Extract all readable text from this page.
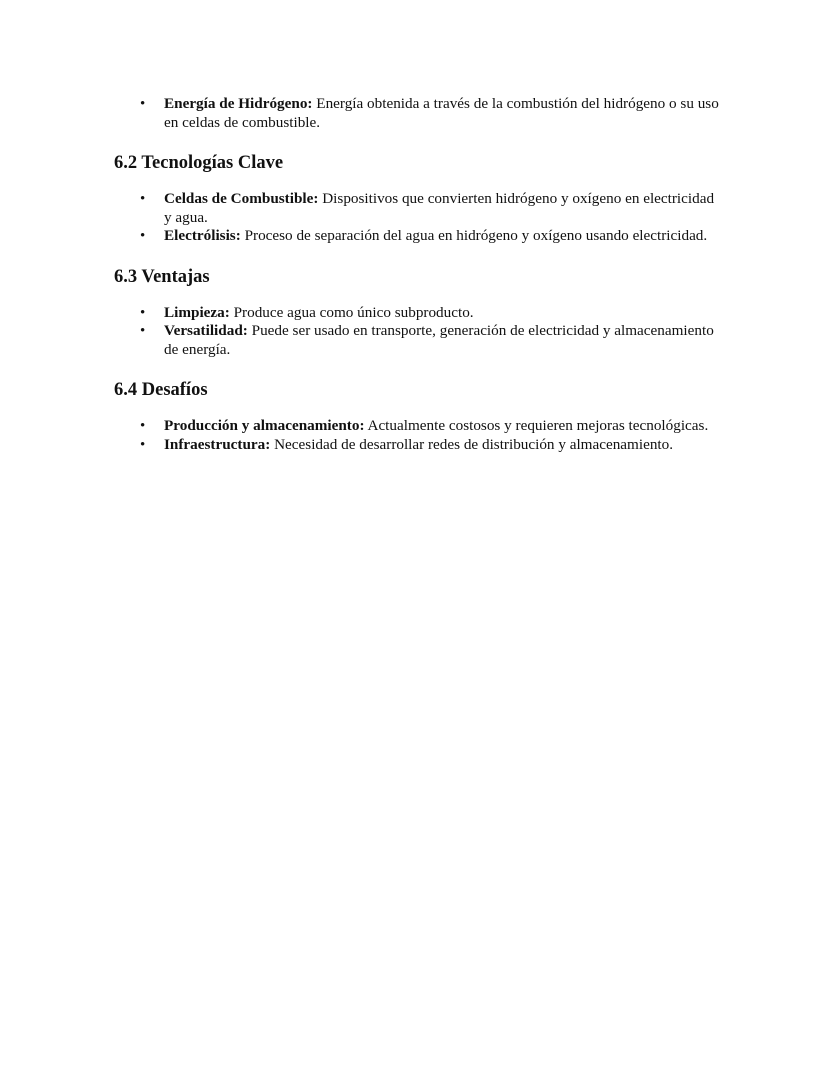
• Energía de Hidrógeno: Energía obtenida a través de la combustión del hidrógeno o su uso en celdas de combustible.
6.2 Tecnologías Clave
• Celdas de Combustible: Dispositivos que convierten hidrógeno y oxígeno en electricidad y agua.
• Electrólisis: Proceso de separación del agua en hidrógeno y oxígeno usando electricidad.
6.3 Ventajas
• Limpieza: Produce agua como único subproducto.
• Versatilidad: Puede ser usado en transporte, generación de electricidad y almacenamiento de energía.
6.4 Desafíos
• Producción y almacenamiento: Actualmente costosos y requieren mejoras tecnológicas.
• Infraestructura: Necesidad de desarrollar redes de distribución y almacenamiento.
